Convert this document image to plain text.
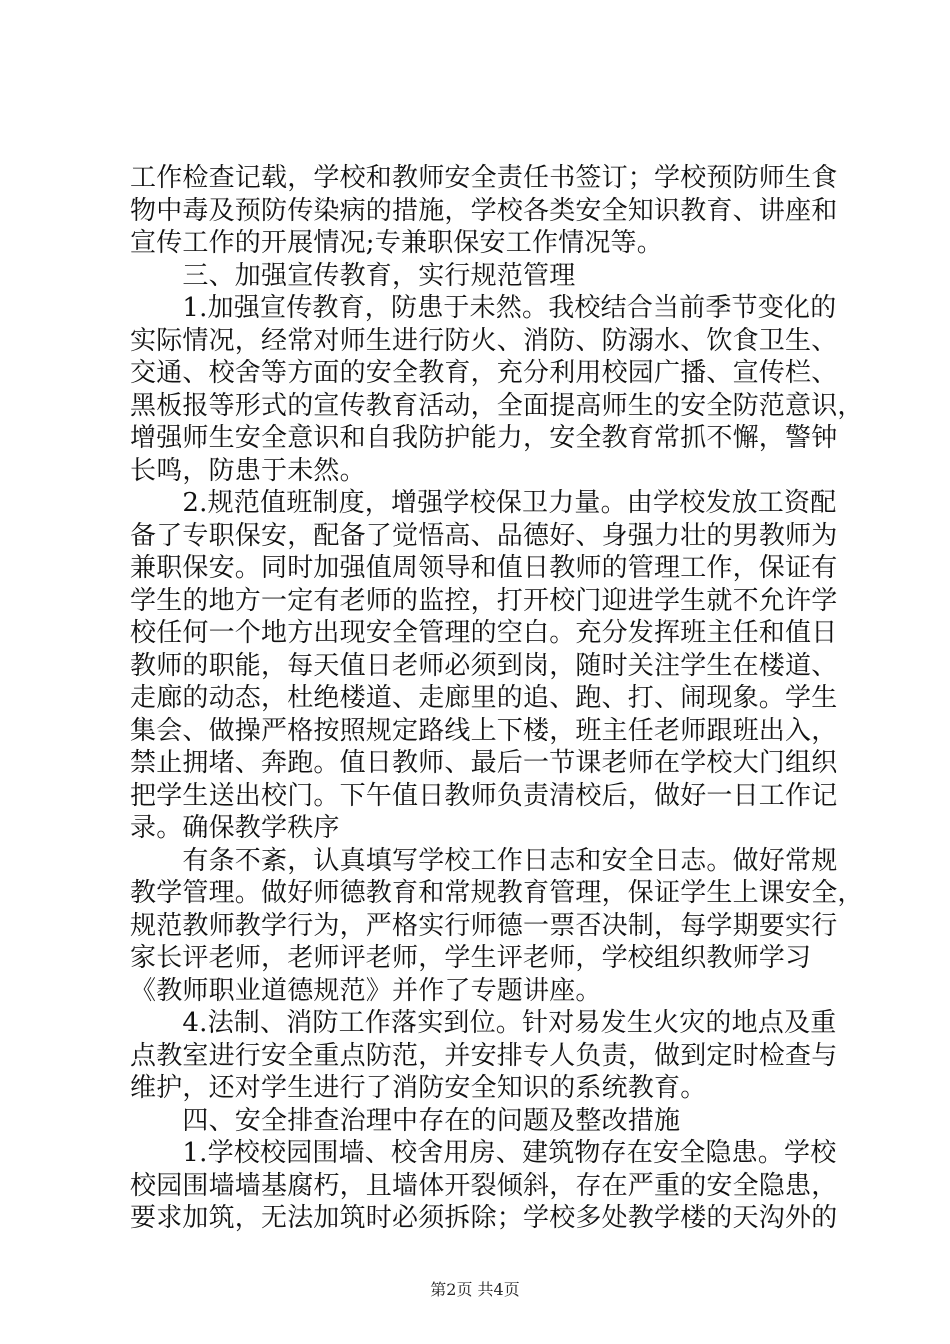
工作检查记载，学校和教师安全责任书签订；学校预防师生食
物中毒及预防传染病的措施，学校各类安全知识教育、讲座和
宣传工作的开展情况;专兼职保安工作情况等。
　　三、加强宣传教育，实行规范管理
　　1.加强宣传教育，防患于未然。我校结合当前季节变化的
实际情况，经常对师生进行防火、消防、防溺水、饮食卫生、
交通、校舍等方面的安全教育，充分利用校园广播、宣传栏、
黑板报等形式的宣传教育活动，全面提高师生的安全防范意识，
增强师生安全意识和自我防护能力，安全教育常抓不懈，警钟
长鸣，防患于未然。
　　2.规范值班制度，增强学校保卫力量。由学校发放工资配
备了专职保安，配备了觉悟高、品德好、身强力壮的男教师为
兼职保安。同时加强值周领导和值日教师的管理工作，保证有
学生的地方一定有老师的监控，打开校门迎进学生就不允许学
校任何一个地方出现安全管理的空白。充分发挥班主任和值日
教师的职能，每天值日老师必须到岗，随时关注学生在楼道、
走廊的动态，杜绝楼道、走廊里的追、跑、打、闹现象。学生
集会、做操严格按照规定路线上下楼，班主任老师跟班出入，
禁止拥堵、奔跑。值日教师、最后一节课老师在学校大门组织
把学生送出校门。下午值日教师负责清校后，做好一日工作记
录。确保教学秩序
　　有条不紊，认真填写学校工作日志和安全日志。做好常规
教学管理。做好师德教育和常规教育管理，保证学生上课安全，
规范教师教学行为，严格实行师德一票否决制，每学期要实行
家长评老师，老师评老师，学生评老师，学校组织教师学习
《教师职业道德规范》并作了专题讲座。
　　4.法制、消防工作落实到位。针对易发生火灾的地点及重
点教室进行安全重点防范，并安排专人负责，做到定时检查与
维护，还对学生进行了消防安全知识的系统教育。
　　四、安全排查治理中存在的问题及整改措施
　　1.学校校园围墙、校舍用房、建筑物存在安全隐患。学校
校园围墙墙基腐朽，且墙体开裂倾斜，存在严重的安全隐患，
要求加筑，无法加筑时必须拆除；学校多处教学楼的天沟外的
第2页 共4页
